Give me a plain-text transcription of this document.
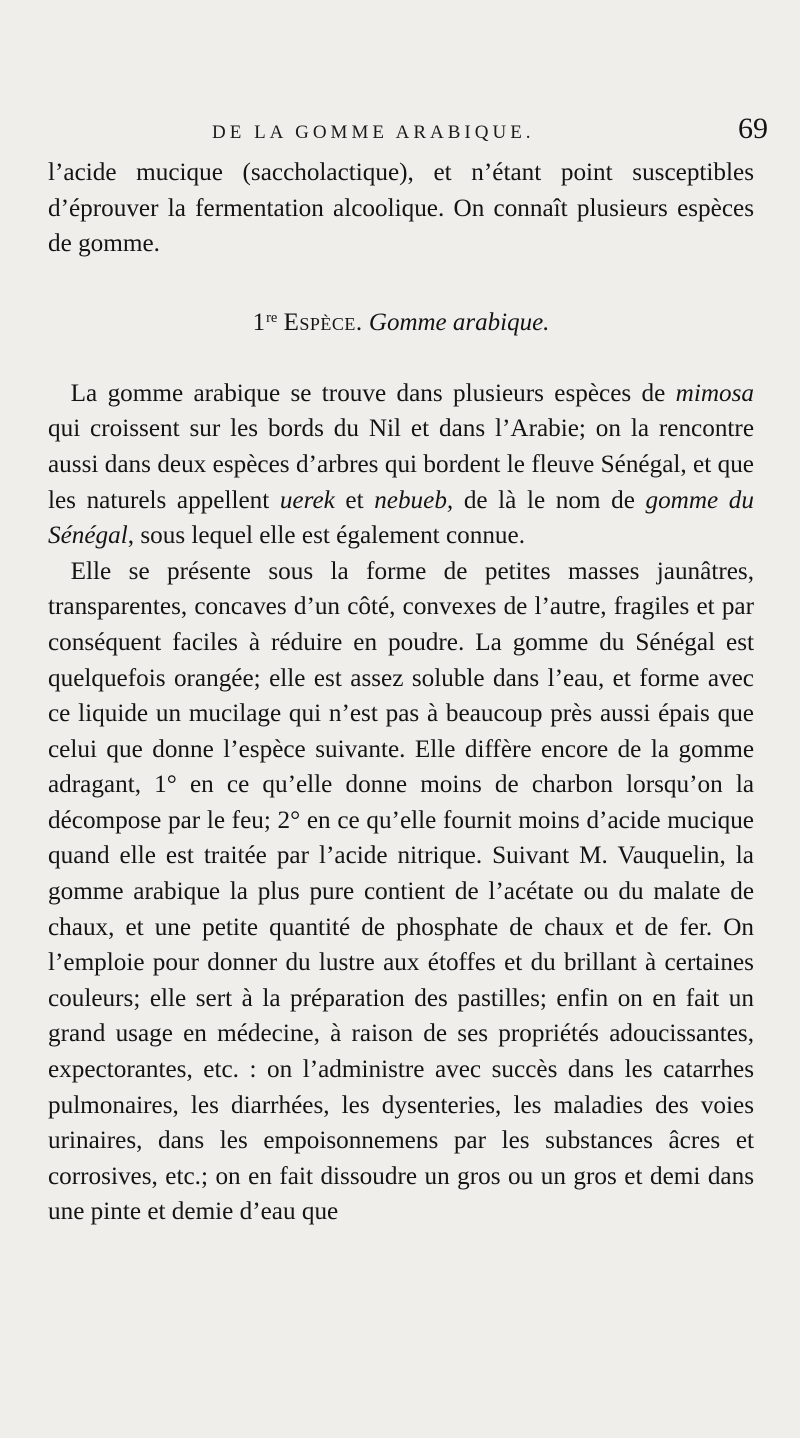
DE LA GOMME ARABIQUE.	69

l’acide mucique (saccholactique), et n’étant point susceptibles d’éprouver la fermentation alcoolique. On connaît plusieurs espèces de gomme.

1re Espèce. Gomme arabique.

La gomme arabique se trouve dans plusieurs espèces de mimosa qui croissent sur les bords du Nil et dans l’Arabie; on la rencontre aussi dans deux espèces d’arbres qui bordent le fleuve Sénégal, et que les naturels appellent uerek et nebueb, de là le nom de gomme du Sénégal, sous lequel elle est également connue.

Elle se présente sous la forme de petites masses jaunâtres, transparentes, concaves d’un côté, convexes de l’autre, fragiles et par conséquent faciles à réduire en poudre. La gomme du Sénégal est quelquefois orangée; elle est assez soluble dans l’eau, et forme avec ce liquide un mucilage qui n’est pas à beaucoup près aussi épais que celui que donne l’espèce suivante. Elle diffère encore de la gomme adragant, 1° en ce qu’elle donne moins de charbon lorsqu’on la décompose par le feu; 2° en ce qu’elle fournit moins d’acide mucique quand elle est traitée par l’acide nitrique. Suivant M. Vauquelin, la gomme arabique la plus pure contient de l’acétate ou du malate de chaux, et une petite quantité de phosphate de chaux et de fer. On l’emploie pour donner du lustre aux étoffes et du brillant à certaines couleurs; elle sert à la préparation des pastilles; enfin on en fait un grand usage en médecine, à raison de ses propriétés adoucissantes, expectorantes, etc. : on l’administre avec succès dans les catarrhes pulmonaires, les diarrhées, les dysenteries, les maladies des voies urinaires, dans les empoisonnemens par les substances âcres et corrosives, etc.; on en fait dissoudre un gros ou un gros et demi dans une pinte et demie d’eau que
